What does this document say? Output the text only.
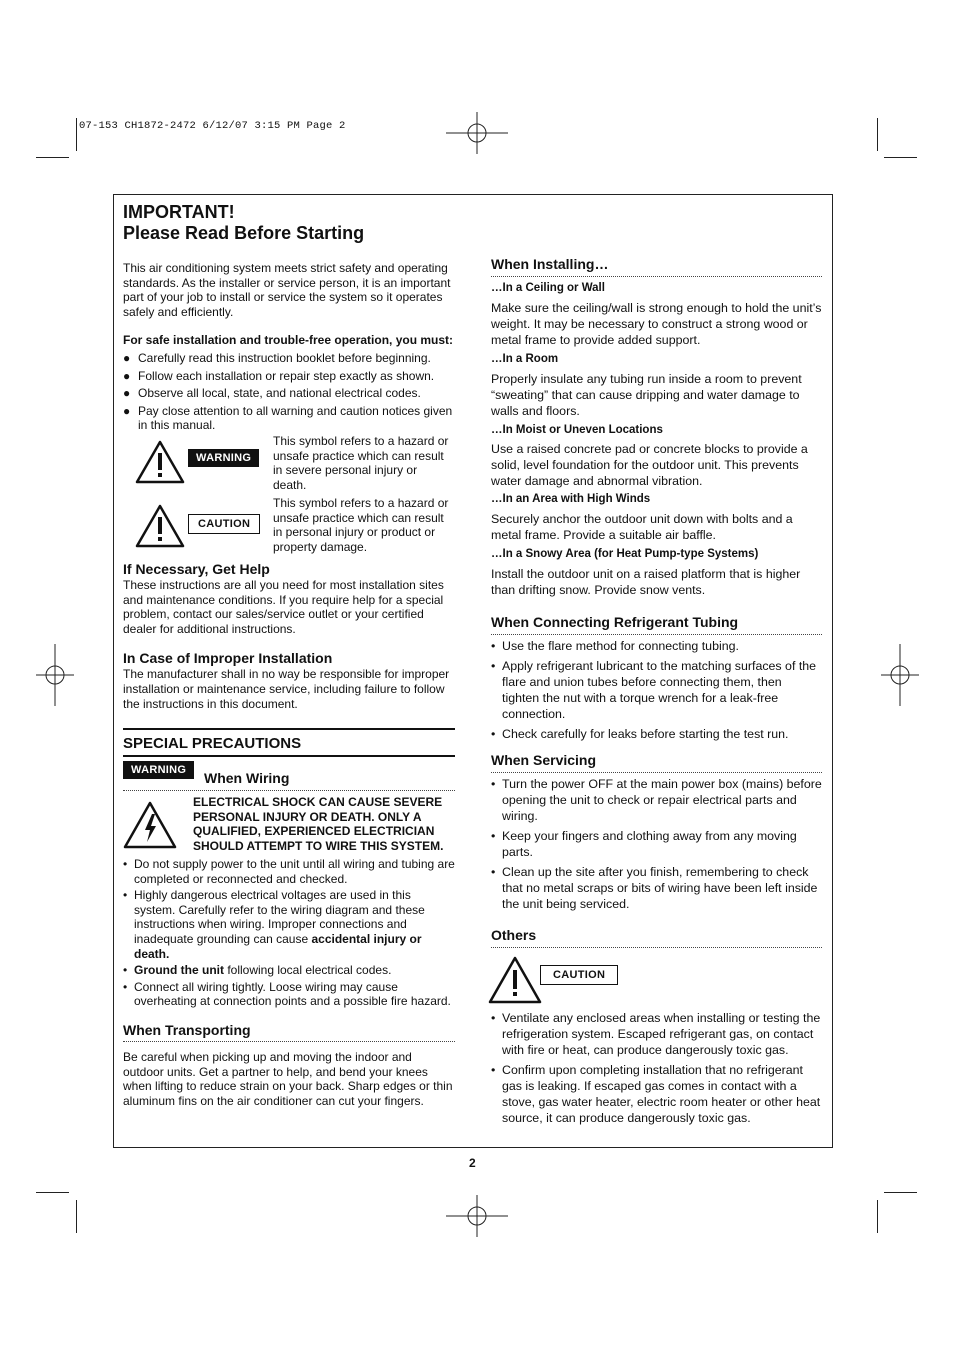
07-153 CH1872-2472 6/12/07 3:15 PM Page 2
IMPORTANT!
Please Read Before Starting

This air conditioning system meets strict safety and operating standards. As the installer or service person, it is an important part of your job to install or service the system so it operates safely and efficiently.

For safe installation and trouble-free operation, you must:

● Carefully read this instruction booklet before beginning.
● Follow each installation or repair step exactly as shown.
● Observe all local, state, and national electrical codes.
● Pay close attention to all warning and caution notices given in this manual.
WARNING

This symbol refers to a hazard or unsafe practice which can result in severe personal injury or death.

CAUTION

This symbol refers to a hazard or unsafe practice which can result in personal injury or product or property damage.

If Necessary, Get Help

These instructions are all you need for most installation sites and maintenance conditions. If you require help for a special problem, contact our sales/service outlet or your certified dealer for additional instructions.

In Case of Improper Installation

The manufacturer shall in no way be responsible for improper installation or maintenance service, including failure to follow the instructions in this document.

SPECIAL PRECAUTIONS
WARNING	When Wiring

ELECTRICAL SHOCK CAN CAUSE SEVERE PERSONAL INJURY OR DEATH. ONLY A QUALIFIED, EXPERIENCED ELECTRICIAN SHOULD ATTEMPT TO WIRE THIS SYSTEM.

• Do not supply power to the unit until all wiring and tubing are completed or reconnected and checked.
• Highly dangerous electrical voltages are used in this system. Carefully refer to the wiring diagram and these instructions when wiring. Improper connections and inadequate grounding can cause accidental injury or death.
• Ground the unit following local electrical codes.
• Connect all wiring tightly. Loose wiring may cause overheating at connection points and a possible fire hazard.
When Transporting

Be careful when picking up and moving the indoor and outdoor units. Get a partner to help, and bend your knees when lifting to reduce strain on your back. Sharp edges or thin aluminum fins on the air conditioner can cut your fingers.

When Installing…
…In a Ceiling or Wall

Make sure the ceiling/wall is strong enough to hold the unit’s weight. It may be necessary to construct a strong wood or metal frame to provide added support.

…In a Room

Properly insulate any tubing run inside a room to prevent “sweating” that can cause dripping and water damage to walls and floors.

…In Moist or Uneven Locations

Use a raised concrete pad or concrete blocks to provide a solid, level foundation for the outdoor unit. This prevents water damage and abnormal vibration.

…In an Area with High Winds

Securely anchor the outdoor unit down with bolts and a metal frame. Provide a suitable air baffle.

…In a Snowy Area (for Heat Pump-type Systems)

Install the outdoor unit on a raised platform that is higher than drifting snow. Provide snow vents.

When Connecting Refrigerant Tubing
• Use the flare method for connecting tubing.
• Apply refrigerant lubricant to the matching surfaces of the flare and union tubes before connecting them, then tighten the nut with a torque wrench for a leak-free connection.
• Check carefully for leaks before starting the test run.
When Servicing
• Turn the power OFF at the main power box (mains) before opening the unit to check or repair electrical parts and wiring.
• Keep your fingers and clothing away from any moving parts.
• Clean up the site after you finish, remembering to check that no metal scraps or bits of wiring have been left inside the unit being serviced.
Others
CAUTION
• Ventilate any enclosed areas when installing or testing the refrigeration system. Escaped refrigerant gas, on contact with fire or heat, can produce dangerously toxic gas.
• Confirm upon completing installation that no refrigerant gas is leaking. If escaped gas comes in contact with a stove, gas water heater, electric room heater or other heat source, it can produce dangerously toxic gas.
2
